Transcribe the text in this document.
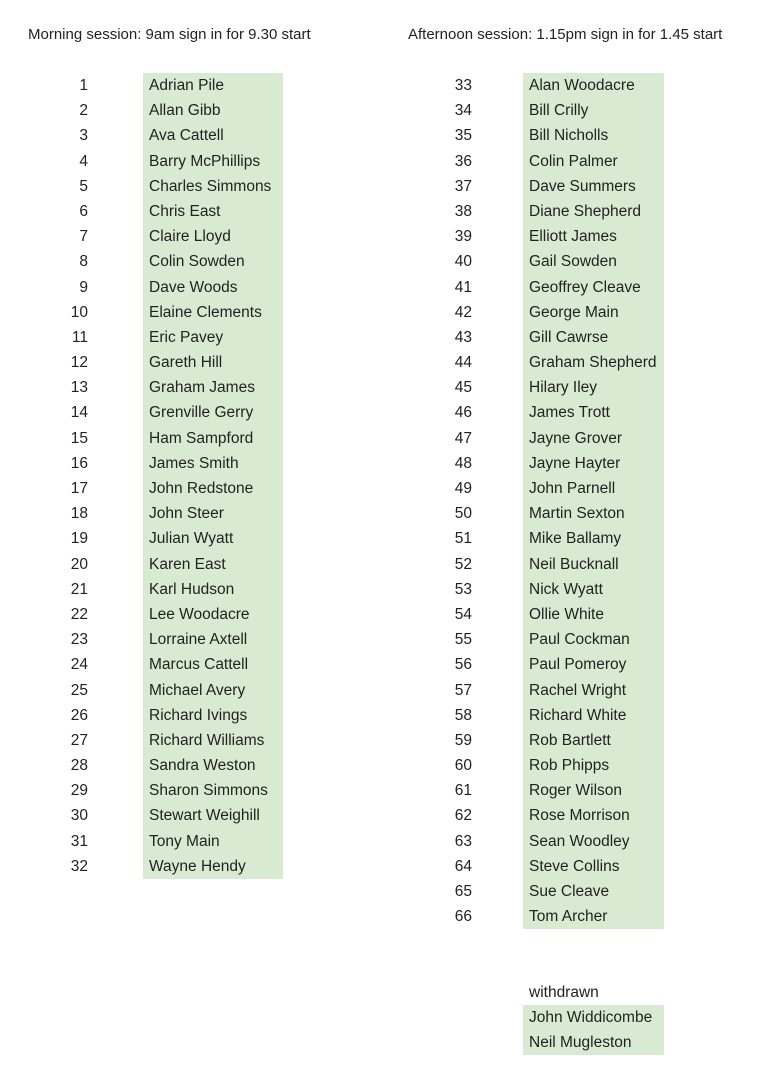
Morning session: 9am sign in for 9.30 start	Afternoon session: 1.15pm sign in for 1.45 start
1	Adrian Pile
2	Allan Gibb
3	Ava Cattell
4	Barry McPhillips
5	Charles Simmons
6	Chris East
7	Claire Lloyd
8	Colin Sowden
9	Dave Woods
10	Elaine Clements
11	Eric Pavey
12	Gareth Hill
13	Graham James
14	Grenville Gerry
15	Ham Sampford
16	James Smith
17	John Redstone
18	John Steer
19	Julian Wyatt
20	Karen East
21	Karl Hudson
22	Lee Woodacre
23	Lorraine Axtell
24	Marcus Cattell
25	Michael Avery
26	Richard Ivings
27	Richard Williams
28	Sandra Weston
29	Sharon Simmons
30	Stewart Weighill
31	Tony Main
32	Wayne Hendy
33	Alan Woodacre
34	Bill Crilly
35	Bill Nicholls
36	Colin Palmer
37	Dave Summers
38	Diane Shepherd
39	Elliott James
40	Gail Sowden
41	Geoffrey Cleave
42	George Main
43	Gill Cawrse
44	Graham Shepherd
45	Hilary Iley
46	James Trott
47	Jayne Grover
48	Jayne Hayter
49	John Parnell
50	Martin Sexton
51	Mike Ballamy
52	Neil Bucknall
53	Nick Wyatt
54	Ollie White
55	Paul Cockman
56	Paul Pomeroy
57	Rachel Wright
58	Richard White
59	Rob Bartlett
60	Rob Phipps
61	Roger Wilson
62	Rose Morrison
63	Sean Woodley
64	Steve Collins
65	Sue Cleave
66	Tom Archer
withdrawn
John Widdicombe
Neil Mugleston
